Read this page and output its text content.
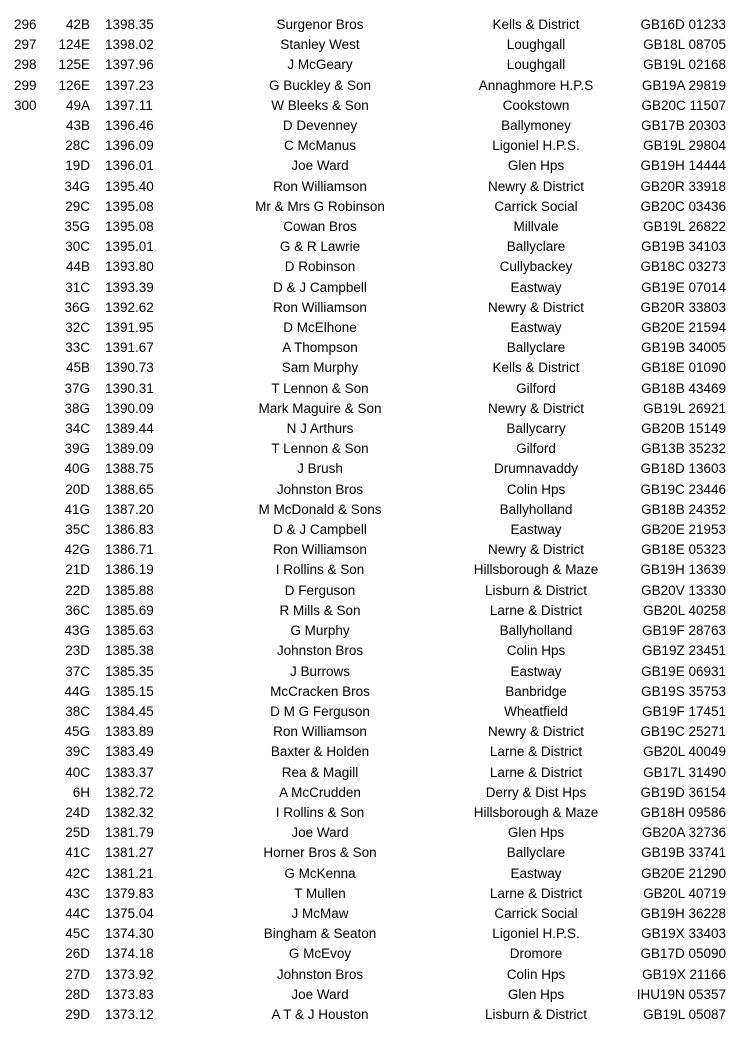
296	42B	1398.35	Surgenor Bros	Kells & District	GB16D 01233
297	124E	1398.02	Stanley West	Loughgall	GB18L 08705
298	125E	1397.96	J McGeary	Loughgall	GB19L 02168
299	126E	1397.23	G Buckley & Son	Annaghmore H.P.S	GB19A 29819
300	49A	1397.11	W Bleeks & Son	Cookstown	GB20C 11507
	43B	1396.46	D Devenney	Ballymoney	GB17B 20303
	28C	1396.09	C McManus	Ligoniel H.P.S.	GB19L 29804
	19D	1396.01	Joe Ward	Glen Hps	GB19H 14444
	34G	1395.40	Ron Williamson	Newry & District	GB20R 33918
	29C	1395.08	Mr & Mrs G Robinson	Carrick Social	GB20C 03436
	35G	1395.08	Cowan Bros	Millvale	GB19L 26822
	30C	1395.01	G & R Lawrie	Ballyclare	GB19B 34103
	44B	1393.80	D Robinson	Cullybackey	GB18C 03273
	31C	1393.39	D & J Campbell	Eastway	GB19E 07014
	36G	1392.62	Ron Williamson	Newry & District	GB20R 33803
	32C	1391.95	D McElhone	Eastway	GB20E 21594
	33C	1391.67	A Thompson	Ballyclare	GB19B 34005
	45B	1390.73	Sam Murphy	Kells & District	GB18E 01090
	37G	1390.31	T Lennon & Son	Gilford	GB18B 43469
	38G	1390.09	Mark Maguire & Son	Newry & District	GB19L 26921
	34C	1389.44	N J Arthurs	Ballycarry	GB20B 15149
	39G	1389.09	T Lennon & Son	Gilford	GB13B 35232
	40G	1388.75	J Brush	Drumnavaddy	GB18D 13603
	20D	1388.65	Johnston Bros	Colin Hps	GB19C 23446
	41G	1387.20	M McDonald & Sons	Ballyholland	GB18B 24352
	35C	1386.83	D & J Campbell	Eastway	GB20E 21953
	42G	1386.71	Ron Williamson	Newry & District	GB18E 05323
	21D	1386.19	I Rollins & Son	Hillsborough & Maze	GB19H 13639
	22D	1385.88	D Ferguson	Lisburn & District	GB20V 13330
	36C	1385.69	R Mills & Son	Larne & District	GB20L 40258
	43G	1385.63	G Murphy	Ballyholland	GB19F 28763
	23D	1385.38	Johnston Bros	Colin Hps	GB19Z 23451
	37C	1385.35	J Burrows	Eastway	GB19E 06931
	44G	1385.15	McCracken Bros	Banbridge	GB19S 35753
	38C	1384.45	D M G Ferguson	Wheatfield	GB19F 17451
	45G	1383.89	Ron Williamson	Newry & District	GB19C 25271
	39C	1383.49	Baxter & Holden	Larne & District	GB20L 40049
	40C	1383.37	Rea & Magill	Larne & District	GB17L 31490
	6H	1382.72	A McCrudden	Derry & Dist Hps	GB19D 36154
	24D	1382.32	I Rollins & Son	Hillsborough & Maze	GB18H 09586
	25D	1381.79	Joe Ward	Glen Hps	GB20A 32736
	41C	1381.27	Horner Bros & Son	Ballyclare	GB19B 33741
	42C	1381.21	G McKenna	Eastway	GB20E 21290
	43C	1379.83	T Mullen	Larne & District	GB20L 40719
	44C	1375.04	J McMaw	Carrick Social	GB19H 36228
	45C	1374.30	Bingham & Seaton	Ligoniel H.P.S.	GB19X 33403
	26D	1374.18	G McEvoy	Dromore	GB17D 05090
	27D	1373.92	Johnston Bros	Colin Hps	GB19X 21166
	28D	1373.83	Joe Ward	Glen Hps	IHU19N 05357
	29D	1373.12	A T & J Houston	Lisburn & District	GB19L 05087
